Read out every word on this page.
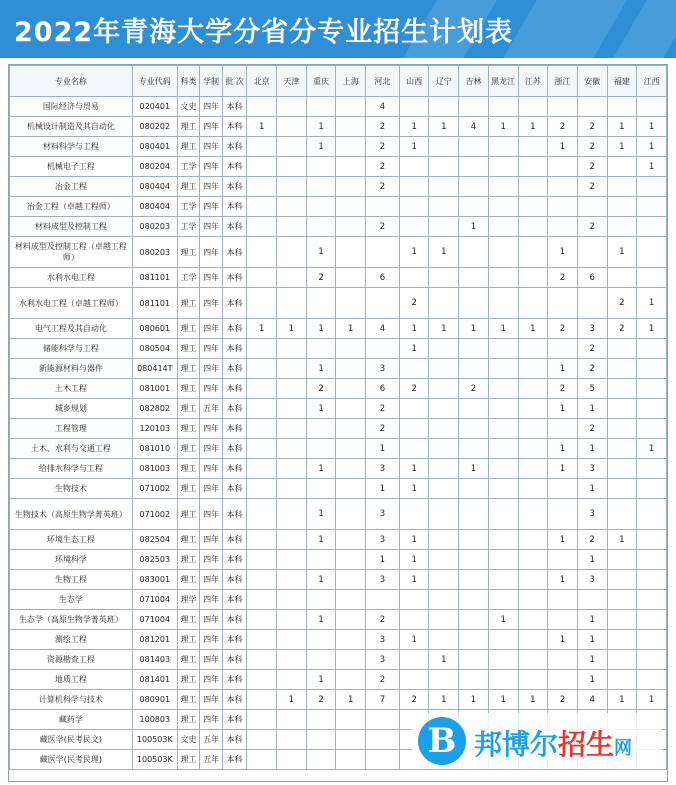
2022年青海大学分省分专业招生计划表
专业名称	专业代码	科类	学制	批 次	北京	天津	重庆	上海	河北	山西	辽宁	吉林	黑龙江	江苏	浙江	安徽	福建	江西
国际经济与贸易	020401	文史	四年	本科					4									
机械设计制造及其自动化	080202	理工	四年	本科	1		1		2	1	1	4	1	1	2	2	1	1
材料科学与工程	080401	理工	四年	本科			1		2	1					1	2	1	1
机械电子工程	080204	工学	四年	本科					2							2		1
冶金工程	080404	理工	四年	本科					2							2		
冶金工程（卓越工程师）	080404	工学	四年	本科														
材料成型及控制工程	080203	工学	四年	本科					2			1				2		
材料成型及控制工程（卓越工程师）	080203	理工	四年	本科			1			1	1				1		1	
水利水电工程	081101	工学	四年	本科			2		6						2	6		
水利水电工程（卓越工程师）	081101	理工	四年	本科						2							2	1
电气工程及其自动化	080601	理工	四年	本科	1	1	1	1	4	1	1	1	1	1	2	3	2	1
储能科学与工程	080504	理工	四年	本科						1						2		
新能源材料与器件	080414T	理工	四年	本科			1		3						1	2		
土木工程	081001	理工	四年	本科			2		6	2		2			2	5		
城乡规划	082802	理工	五年	本科			1		2						1	1		
工程管理	120103	理工	四年	本科					2							2		
土木、水利与交通工程	081010	理工	四年	本科					1						1	1		1
给排水科学与工程	081003	理工	四年	本科			1		3	1		1			1	3		
生物技术	071002	理工	四年	本科					1	1						1		
生物技术（高原生物学菁英班）	071002	理工	四年	本科			1		3							3		
环境生态工程	082504	理工	四年	本科			1		3	1					1	2	1	
环境科学	082503	理工	四年	本科					1	1						1		
生物工程	083001	理工	四年	本科			1		3	1					1	3		
生态学	071004	理学	四年	本科														
生态学（高原生物学菁英班）	071004	理工	四年	本科			1		2				1			1		
测绘工程	081201	理工	四年	本科					3	1					1	1		
资源勘查工程	081403	理工	四年	本科					3		1					1		
地质工程	081401	理工	四年	本科			1		2							1		
计算机科学与技术	080901	理工	四年	本科		1	2	1	7	2	1	1	1	1	2	4	1	1
藏药学	100803	理工	四年	本科														
藏医学(民考民文)	100503K	文史	五年	本科														
藏医学(民考民理)	100503K	理工	五年	本科															B 邦博尔招生网
